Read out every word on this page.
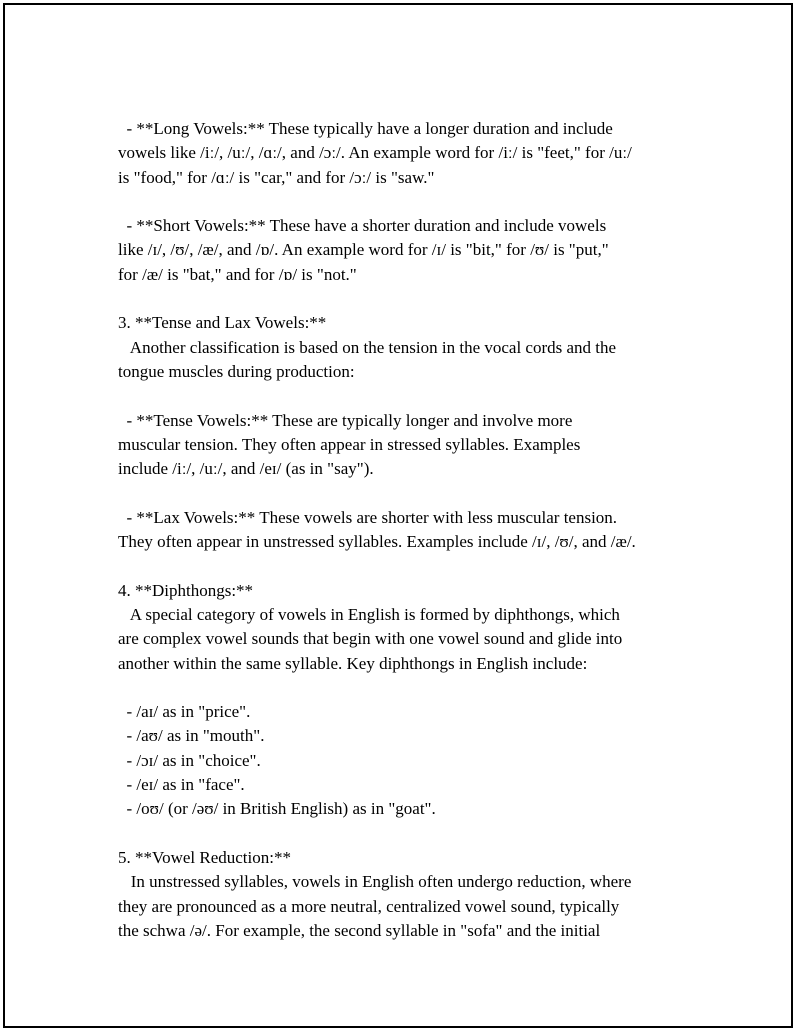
- **Long Vowels:** These typically have a longer duration and include
vowels like /iː/, /uː/, /ɑː/, and /ɔː/. An example word for /iː/ is "feet," for /uː/
is "food," for /ɑː/ is "car," and for /ɔː/ is "saw."
- **Short Vowels:** These have a shorter duration and include vowels
like /ɪ/, /ʊ/, /æ/, and /ɒ/. An example word for /ɪ/ is "bit," for /ʊ/ is "put,"
for /æ/ is "bat," and for /ɒ/ is "not."
3. **Tense and Lax Vowels:**
Another classification is based on the tension in the vocal cords and the
tongue muscles during production:
- **Tense Vowels:** These are typically longer and involve more
muscular tension. They often appear in stressed syllables. Examples
include /iː/, /uː/, and /eɪ/ (as in "say").
- **Lax Vowels:** These vowels are shorter with less muscular tension.
They often appear in unstressed syllables. Examples include /ɪ/, /ʊ/, and /æ/.
4. **Diphthongs:**
A special category of vowels in English is formed by diphthongs, which
are complex vowel sounds that begin with one vowel sound and glide into
another within the same syllable. Key diphthongs in English include:
- /aɪ/ as in "price".
- /aʊ/ as in "mouth".
- /ɔɪ/ as in "choice".
- /eɪ/ as in "face".
- /oʊ/ (or /əʊ/ in British English) as in "goat".
5. **Vowel Reduction:**
In unstressed syllables, vowels in English often undergo reduction, where
they are pronounced as a more neutral, centralized vowel sound, typically
the schwa /ə/. For example, the second syllable in "sofa" and the initial
